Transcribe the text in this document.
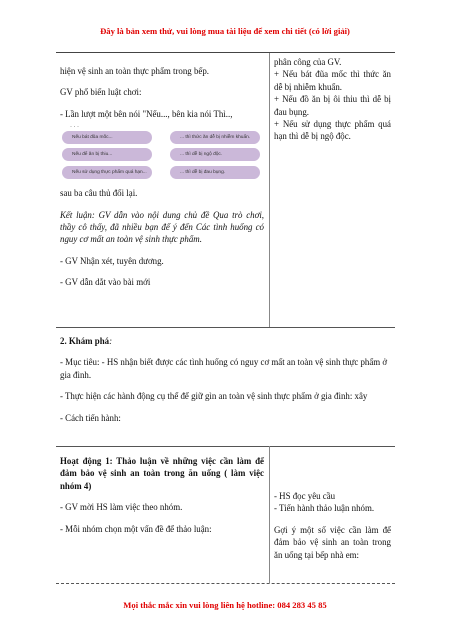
Đây là bản xem thử, vui lòng mua tài liệu để xem chi tiết (có lời giải)

hiện vệ sinh an toàn thực phẩm trong bếp.

GV phổ biến luật chơi:

- Lần lượt một bên nói "Nếu..., bên kia nói Thì..,

․ ․ ․
Nếu bát đũa mốc...
Nếu để ăn bị thiu...
Nếu sử dụng thực phẩm quá hạn...
... thì thức ăn dễ bị nhiễm khuẩn.
... thì dễ bị ngộ độc.
... thì dễ bị đau bụng.

sau ba câu thủ đối lại.

Kết luận: GV dẫn vào nội dung chủ đề Qua trò chơi, thầy cô thấy, đã nhiều bạn để ý đến Các tình huống có nguy cơ mất an toàn vệ sinh thực phẩm.

- GV Nhận xét, tuyên dương.

- GV dẫn dắt vào bài mới

phân công của GV.

+ Nếu bát đũa mốc thì thức ăn dễ bị nhiễm khuẩn.

+ Nếu đồ ăn bị ôi thiu thì dễ bị đau bụng.

+ Nếu sử dụng thực phẩm quá hạn thì dễ bị ngộ độc.

2. Khám phá:

- Mục tiêu: - HS nhận biết được các tình huống có nguy cơ mất an toàn vệ sinh thực phẩm ở gia đình.

- Thực hiện các hành động cụ thể để giữ gìn an toàn vệ sinh thực phẩm ở gia đình: xây

- Cách tiến hành:

Hoạt động 1: Thảo luận về những việc cần làm để đảm bảo vệ sinh an toàn trong ăn uống ( làm việc nhóm 4)

- GV mời HS làm việc theo nhóm.

- Mỗi nhóm chọn một vấn đề để thảo luận:

- HS đọc yêu cầu

- Tiến hành thảo luận nhóm.

Gợi ý một số việc cần làm để đảm bảo vệ sinh an toàn trong ăn uống tại bếp nhà em:

Mọi thắc mắc xin vui lòng liên hệ hotline: 084 283 45 85
